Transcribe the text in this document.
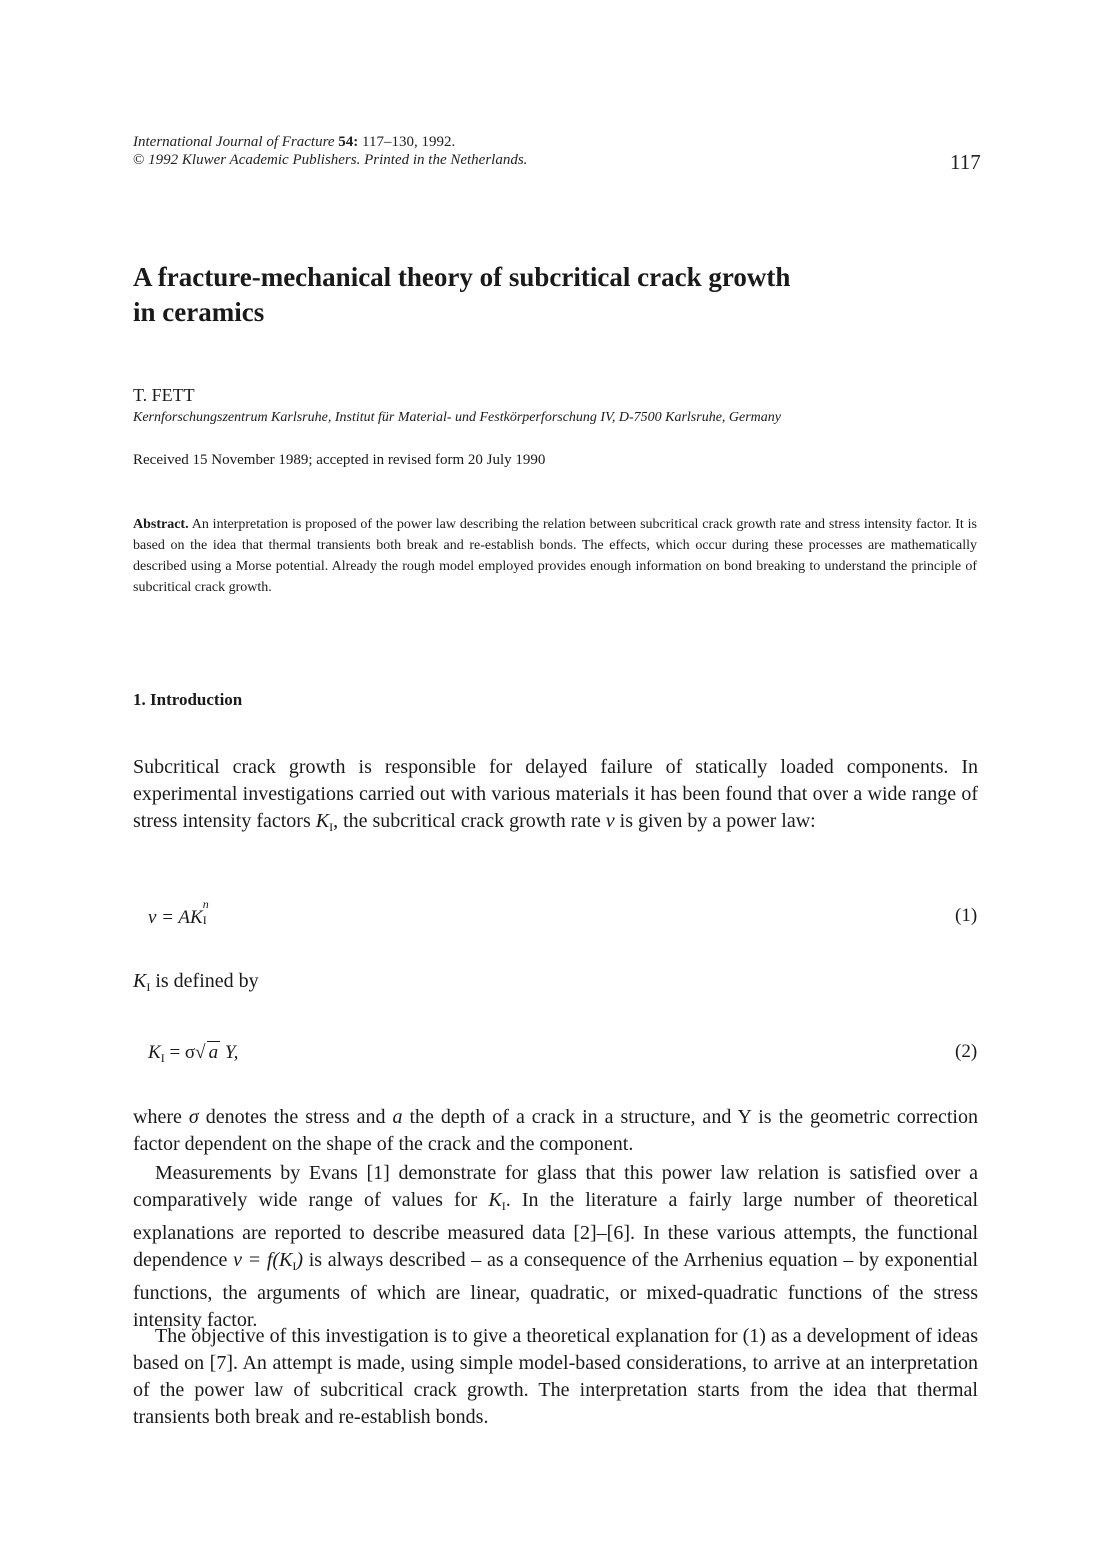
International Journal of Fracture 54: 117–130, 1992.
© 1992 Kluwer Academic Publishers. Printed in the Netherlands.	117
A fracture-mechanical theory of subcritical crack growth
in ceramics
T. FETT
Kernforschungszentrum Karlsruhe, Institut für Material- und Festkörperforschung IV, D-7500 Karlsruhe, Germany
Received 15 November 1989; accepted in revised form 20 July 1990
Abstract. An interpretation is proposed of the power law describing the relation between subcritical crack growth rate and stress intensity factor. It is based on the idea that thermal transients both break and re-establish bonds. The effects, which occur during these processes are mathematically described using a Morse potential. Already the rough model employed provides enough information on bond breaking to understand the principle of subcritical crack growth.
1. Introduction

Subcritical crack growth is responsible for delayed failure of statically loaded components. In experimental investigations carried out with various materials it has been found that over a wide range of stress intensity factors $K_I$, the subcritical crack growth rate v is given by a power law:

v = AK
n
I	(1)

$K_I$ is defined by

$K_I = \sigma√$ a Y,	(2)

where σ denotes the stress and a the depth of a crack in a structure, and Y is the geometric correction factor dependent on the shape of the crack and the component.

Measurements by Evans [1] demonstrate for glass that this power law relation is satisfied over a comparatively wide range of values for $K_I$. In the literature a fairly large number of theoretical explanations are reported to describe measured data [2]–[6]. In these various attempts, the functional dependence $v = f(K_I)$ is always described – as a consequence of the Arrhenius equation – by exponential functions, the arguments of which are linear, quadratic, or mixed-quadratic functions of the stress intensity factor.

The objective of this investigation is to give a theoretical explanation for (1) as a development of ideas based on [7]. An attempt is made, using simple model-based considerations, to arrive at an interpretation of the power law of subcritical crack growth. The interpretation starts from the idea that thermal transients both break and re-establish bonds.
